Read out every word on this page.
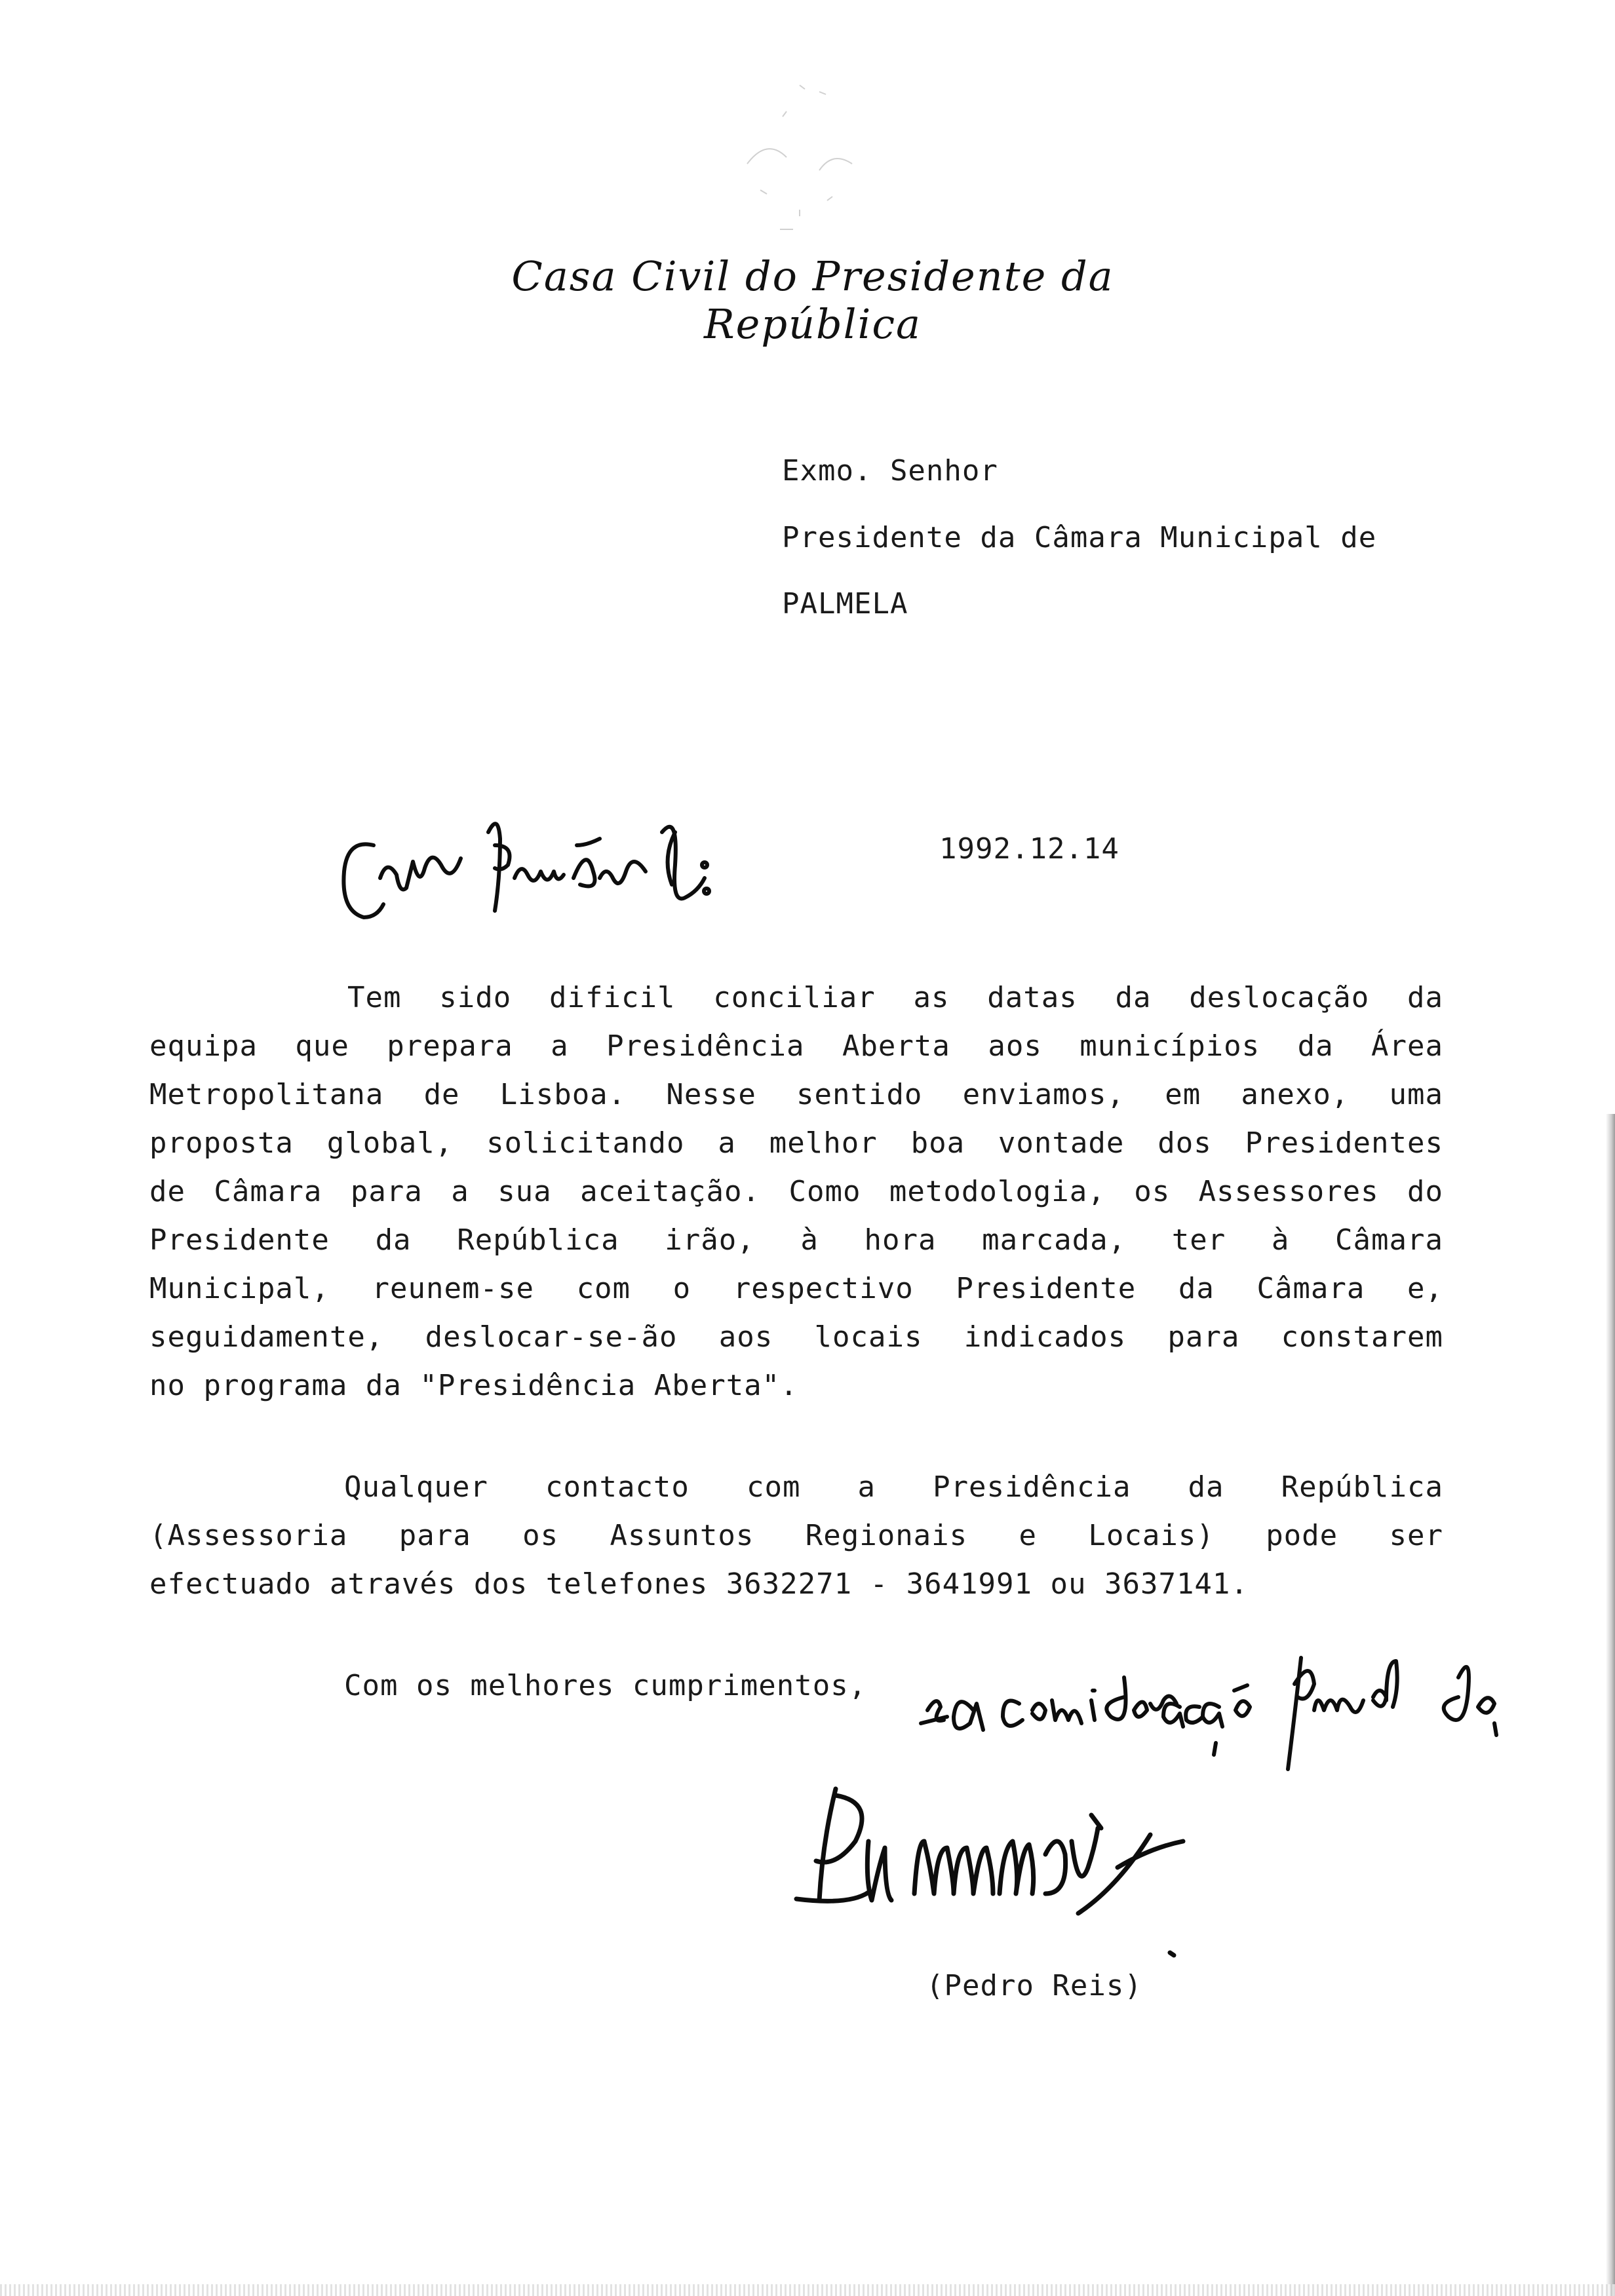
Casa Civil do Presidente da República
Exmo. Senhor
Presidente da Câmara Municipal de
PALMELA
1992.12.14
Tem sido dificil conciliar as datas da deslocação da
equipa que prepara a Presidência Aberta aos municípios da Área
Metropolitana de Lisboa. Nesse sentido enviamos, em anexo, uma
proposta global, solicitando a melhor boa vontade dos Presidentes
de Câmara para a sua aceitação. Como metodologia, os Assessores do
Presidente da República irão, à hora marcada, ter à Câmara
Municipal, reunem-se com o respectivo Presidente da Câmara e,
seguidamente, deslocar-se-ão aos locais indicados para constarem
no programa da "Presidência Aberta".
Qualquer contacto com a Presidência da República
(Assessoria para os Assuntos Regionais e Locais) pode ser
efectuado através dos telefones 3632271 - 3641991 ou 3637141.
Com os melhores cumprimentos,
(Pedro Reis)
